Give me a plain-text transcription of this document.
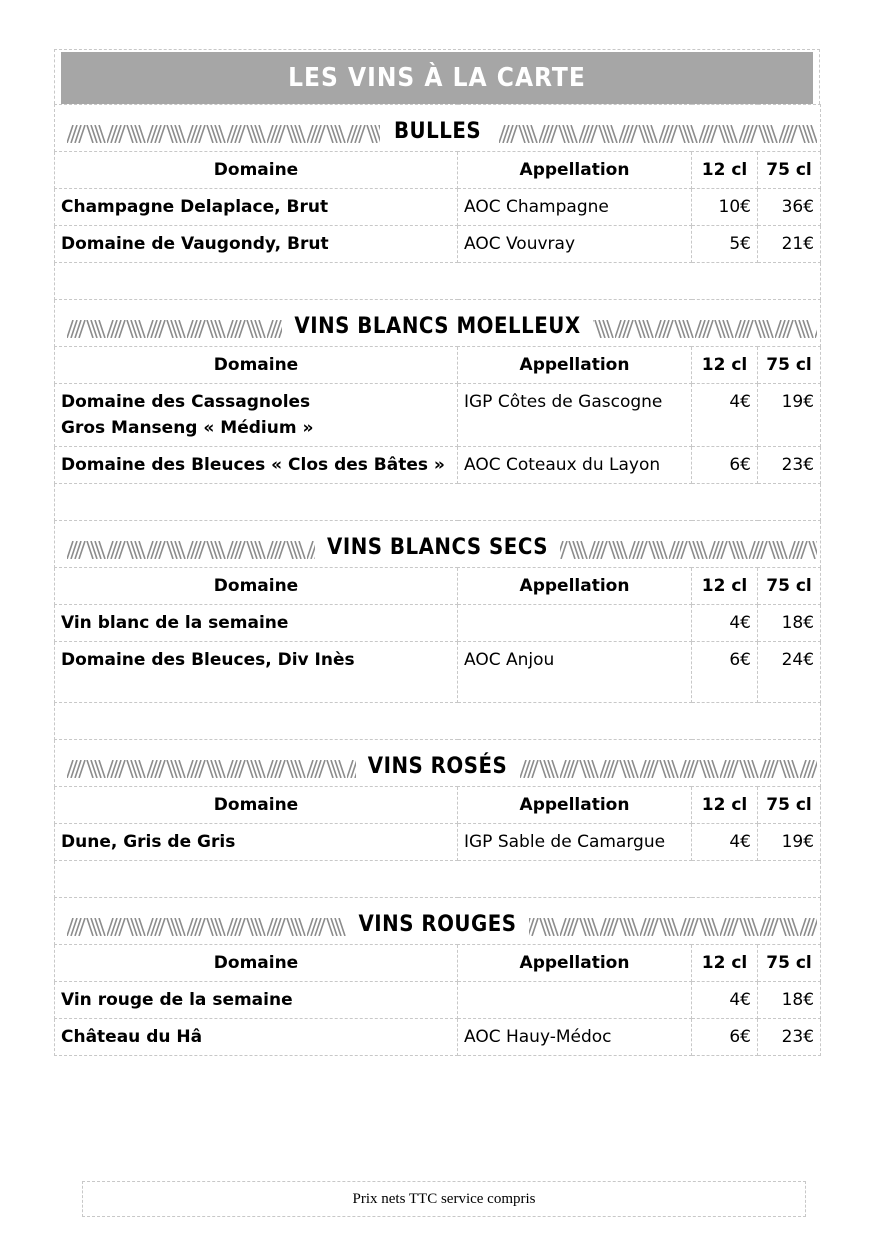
LES VINS À LA CARTE
BULLES			

Domaine	Appellation	12 cl	75 cl
Champagne Delaplace, Brut	AOC Champagne	10€	36€
Domaine de Vaugondy, Brut	AOC Vouvray	5€	21€

VINS BLANCS MOELLEUX			

Domaine	Appellation	12 cl	75 cl
Domaine des Cassagnoles
Gros Manseng « Médium »	IGP Côtes de Gascogne	4€	19€
Domaine des Bleuces « Clos des Bâtes »	AOC Coteaux du Layon	6€	23€

VINS BLANCS SECS			

Domaine	Appellation	12 cl	75 cl
Vin blanc de la semaine		4€	18€
Domaine des Bleuces, Div Inès	AOC Anjou	6€	24€

VINS ROSÉS			

Domaine	Appellation	12 cl	75 cl
Dune, Gris de Gris	IGP Sable de Camargue	4€	19€

VINS ROUGES			

Domaine	Appellation	12 cl	75 cl
Vin rouge de la semaine		4€	18€
Château du Hâ	AOC Hauy-Médoc	6€	23€
Prix nets TTC service compris
